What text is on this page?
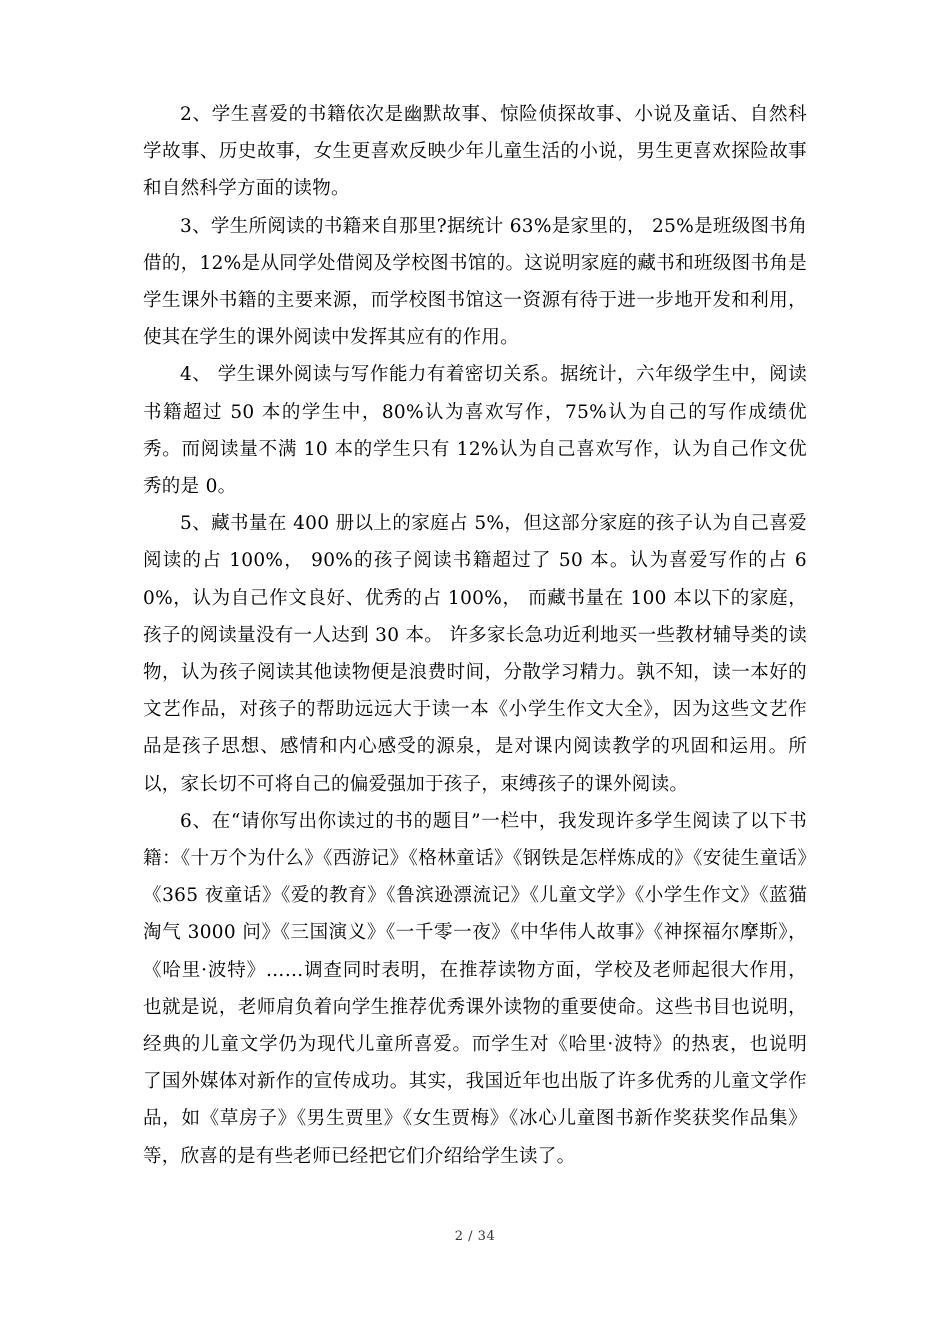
2、学生喜爱的书籍依次是幽默故事、惊险侦探故事、小说及童话、自然科学故事、历史故事，女生更喜欢反映少年儿童生活的小说，男生更喜欢探险故事和自然科学方面的读物。

3、学生所阅读的书籍来自那里?据统计 63%是家里的， 25%是班级图书角借的，12%是从同学处借阅及学校图书馆的。这说明家庭的藏书和班级图书角是学生课外书籍的主要来源，而学校图书馆这一资源有待于进一步地开发和利用，使其在学生的课外阅读中发挥其应有的作用。

4、 学生课外阅读与写作能力有着密切关系。据统计，六年级学生中，阅读书籍超过 50 本的学生中，80%认为喜欢写作，75%认为自己的写作成绩优秀。而阅读量不满 10 本的学生只有 12%认为自己喜欢写作，认为自己作文优秀的是 0。

5、藏书量在 400 册以上的家庭占 5%，但这部分家庭的孩子认为自己喜爱阅读的占 100%， 90%的孩子阅读书籍超过了 50 本。认为喜爱写作的占 60%，认为自己作文良好、优秀的占 100%， 而藏书量在 100 本以下的家庭，孩子的阅读量没有一人达到 30 本。 许多家长急功近利地买一些教材辅导类的读物，认为孩子阅读其他读物便是浪费时间，分散学习精力。孰不知，读一本好的文艺作品，对孩子的帮助远远大于读一本《小学生作文大全》，因为这些文艺作品是孩子思想、感情和内心感受的源泉，是对课内阅读教学的巩固和运用。所以，家长切不可将自己的偏爱强加于孩子，束缚孩子的课外阅读。

6、在“请你写出你读过的书的题目”一栏中，我发现许多学生阅读了以下书籍：《十万个为什么》《西游记》《格林童话》《钢铁是怎样炼成的》《安徒生童话》《365 夜童话》《爱的教育》《鲁滨逊漂流记》《儿童文学》《小学生作文》《蓝猫淘气 3000 问》《三国演义》《一千零一夜》《中华伟人故事》《神探福尔摩斯》，《哈里·波特》……调查同时表明，在推荐读物方面，学校及老师起很大作用，也就是说，老师肩负着向学生推荐优秀课外读物的重要使命。这些书目也说明，经典的儿童文学仍为现代儿童所喜爱。而学生对《哈里·波特》的热衷，也说明了国外媒体对新作的宣传成功。其实，我国近年也出版了许多优秀的儿童文学作品，如《草房子》《男生贾里》《女生贾梅》《冰心儿童图书新作奖获奖作品集》等，欣喜的是有些老师已经把它们介绍给学生读了。

2 / 34
